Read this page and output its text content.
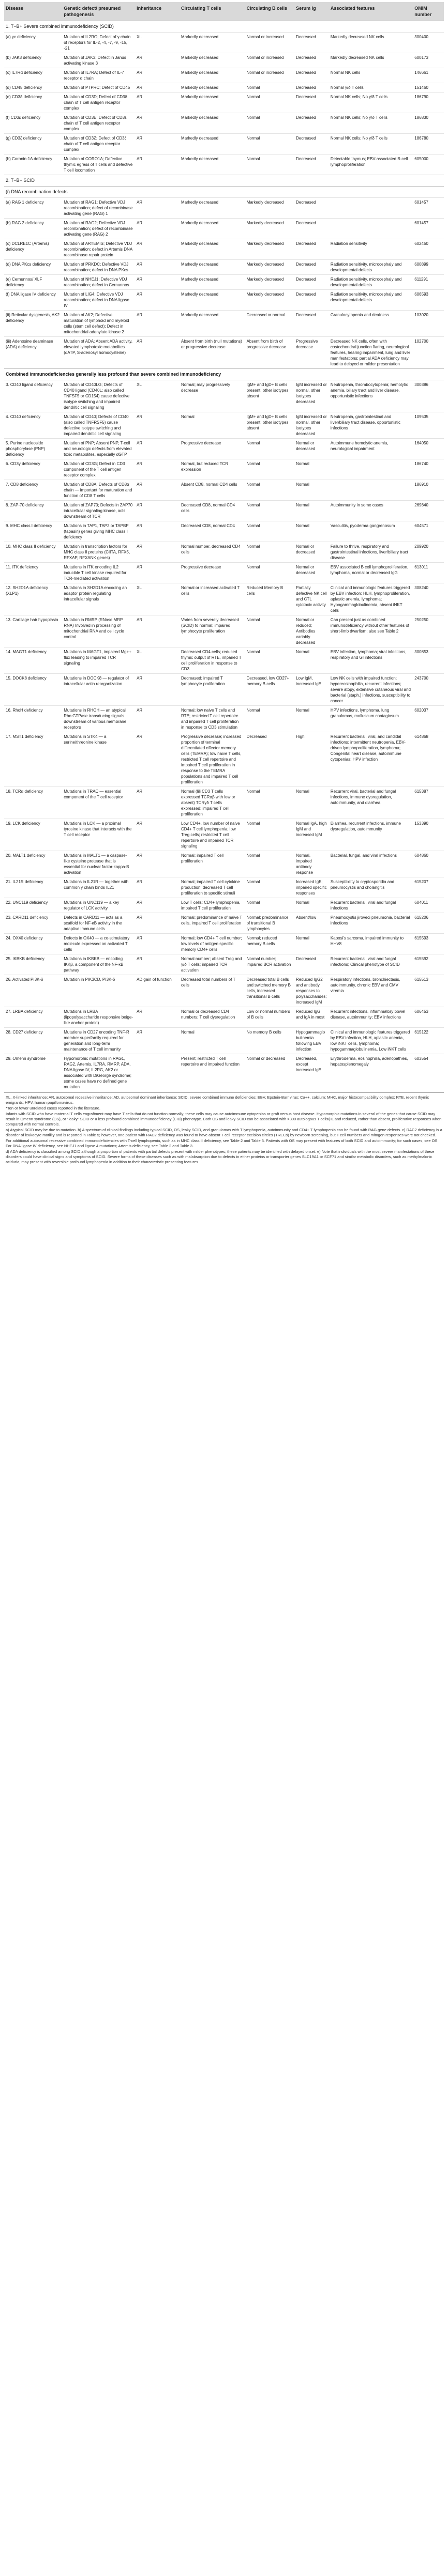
Disease	Genetic defect/ presumed pathogenesis	Inheritance	Circulating T cells	Circulating B cells	Serum Ig	Associated features	OMIM number
1. T−B+ Severe combined immunodeficiency (SCID)							
(a) γc deficiency	Mutation of IL2RG; Defect of γ chain of receptors for IL-2, -4, -7, -9, -15, -21	XL	Markedly decreased	Normal or increased	Decreased	Markedly decreased NK cells	300400
(b) JAK3 deficiency	Mutation of JAK3; Defect in Janus activating kinase 3	AR	Markedly decreased	Normal or increased	Decreased	Markedly decreased NK cells	600173
(c) IL7Rα deficiency	Mutation of IL7RA; Defect of IL-7 receptor α chain	AR	Markedly decreased	Normal or increased	Decreased	Normal NK cells	146661
(d) CD45 deficiency	Mutation of PTPRC; Defect of CD45	AR	Markedly decreased	Normal	Decreased	Normal γ/δ T cells	151460
(e) CD3δ deficiency	Mutation of CD3D; Defect of CD3δ chain of T cell antigen receptor complex	AR	Markedly decreased	Normal	Decreased	Normal NK cells; No γ/δ T cells	186790
(f) CD3ε deficiency	Mutation of CD3E; Defect of CD3ε chain of T cell antigen receptor complex	AR	Markedly decreased	Normal	Decreased	Normal NK cells; No γ/δ T cells	186830
(g) CD3ζ deficiency	Mutation of CD3Z; Defect of CD3ζ chain of T cell antigen receptor complex	AR	Markedly decreased	Normal	Decreased	Normal NK cells; No γ/δ T cells	186780
(h) Coronin-1A deficiency	Mutation of CORO1A; Defective thymic egress of T cells and defective T cell locomotion	AR	Markedly decreased	Normal	Decreased	Detectable thymus; EBV-associated B-cell lymphoproliferation	605000
2. T−B− SCID							
(i) DNA recombination defects							
(a) RAG 1 deficiency	Mutation of RAG1; Defective VDJ recombination; defect of recombinase activating gene (RAG) 1	AR	Markedly decreased	Markedly decreased	Decreased		601457
(b) RAG 2 deficiency	Mutation of RAG2; Defective VDJ recombination; defect of recombinase activating gene (RAG) 2	AR	Markedly decreased	Markedly decreased	Decreased		601457
(c) DCLRE1C (Artemis) deficiency	Mutation of ARTEMIS; Defective VDJ recombination; defect in Artemis DNA recombinase-repair protein	AR	Markedly decreased	Markedly decreased	Decreased	Radiation sensitivity	602450
(d) DNA PKcs deficiency	Mutation of PRKDC; Defective VDJ recombination; defect in DNA PKcs	AR	Markedly decreased	Markedly decreased	Decreased	Radiation sensitivity, microcephaly and developmental defects	600899
(e) Cernunnos/ XLF deficiency	Mutation of NHEJ1; Defective VDJ recombination; defect in Cernunnos	AR	Markedly decreased	Markedly decreased	Decreased	Radiation sensitivity, microcephaly and developmental defects	611291
(f) DNA ligase IV deficiency	Mutation of LIG4; Defective VDJ recombination; defect in DNA ligase IV	AR	Markedly decreased	Markedly decreased	Decreased	Radiation sensitivity, microcephaly and developmental defects	606593
(ii) Reticular dysgenesis, AK2 deficiency	Mutation of AK2; Defective maturation of lymphoid and myeloid cells (stem cell defect); Defect in mitochondrial adenylate kinase 2	AR	Markedly decreased	Decreased or normal	Decreased	Granulocytopenia and deafness	103020
(iii) Adenosine deaminase (ADA) deficiency	Mutation of ADA; Absent ADA activity, elevated lymphotoxic metabolites (dATP, S-adenosyl homocysteine)	AR	Absent from birth (null mutations) or progressive decrease	Absent from birth of progressive decrease	Progressive decrease	Decreased NK cells, often with costochondral junction flaring, neurological features, hearing impairment, lung and liver manifestations; partial ADA deficiency may lead to delayed or milder presentation	102700
Combined immunodeficiencies generally less profound than severe combined immunodeficiency							
3. CD40 ligand deficiency	Mutation of CD40LG; Defects of CD40 ligand (CD40L; also called TNFSF5 or CD154) cause defective isotype switching and impaired dendritic cell signaling	XL	Normal; may progressively decrease	IgM+ and IgD+ B cells present, other isotypes absent	IgM increased or normal, other isotypes decreased	Neutropenia, thrombocytopenia; hemolytic anemia, biliary tract and liver disease, opportunistic infections	300386
4. CD40 deficiency	Mutation of CD40; Defects of CD40 (also called TNFRSF5) cause defective isotype switching and impaired dendritic cell signaling	AR	Normal	IgM+ and IgD+ B cells present, other isotypes absent	IgM increased or normal, other isotypes decreased	Neutropenia, gastrointestinal and liver/biliary tract disease, opportunistic infections	109535
5. Purine nucleoside phosphorylase (PNP) deficiency	Mutation of PNP; Absent PNP, T-cell and neurologic defects from elevated toxic metabolites, especially dGTP	AR	Progressive decrease	Normal	Normal or decreased	Autoimmune hemolytic anemia, neurological impairment	164050
6. CD3γ deficiency	Mutation of CD3G; Defect in CD3 component of the T cell antigen receptor complex	AR	Normal, but reduced TCR expression	Normal	Normal		186740
7. CD8 deficiency	Mutation of CD8A; Defects of CD8α chain — important for maturation and function of CD8 T cells	AR	Absent CD8, normal CD4 cells	Normal	Normal		186910
8. ZAP-70 deficiency	Mutation of ZAP70; Defects in ZAP70 intracellular signaling kinase, acts downstream of TCR	AR	Decreased CD8, normal CD4 cells	Normal	Normal	Autoimmunity in some cases	269840
9. MHC class I deficiency	Mutations in TAP1, TAP2 or TAPBP (tapasin) genes giving MHC class I deficiency	AR	Decreased CD8, normal CD4	Normal	Normal	Vasculitis, pyoderma gangrenosum	604571
10. MHC class II deficiency	Mutation in transcription factors for MHC class II proteins (CIITA, RFX5, RFXAP, RFXANK genes)	AR	Normal number, decreased CD4 cells	Normal	Normal or decreased	Failure to thrive, respiratory and gastrointestinal infections, liver/biliary tract disease	209920
11. ITK deficiency	Mutations in ITK encoding IL2 inducible T cell kinase required for TCR-mediated activation	AR	Progressive decrease	Normal	Normal or decreased	EBV associated B cell lymphoproliferation, lymphoma, normal or decreased IgG	613011
12. SH2D1A deficiency (XLP1)	Mutations in SH2D1A encoding an adaptor protein regulating intracellular signals	XL	Normal or increased activated T cells	Reduced Memory B cells	Partially defective NK cell and CTL cytotoxic activity	Clinical and immunologic features triggered by EBV infection: HLH, lymphoproliferation, aplastic anemia, lymphoma; Hypogammaglobulinemia, absent iNKT cells	308240
13. Cartilage hair hypoplasia	Mutation in RMRP (RNase MRP RNA) Involved in processing of mitochondrial RNA and cell cycle control	AR	Varies from severely decreased (SCID) to normal; impaired lymphocyte proliferation	Normal	Normal or reduced; Antibodies variably decreased	Can present just as combined immunodeficiency without other features of short-limb dwarfism; also see Table 2	250250
14. MAGT1 deficiency	Mutations in MAGT1, impaired Mg++ flux leading to impaired TCR signaling	XL	Decreased CD4 cells; reduced thymic output of RTE, impaired T cell proliferation in response to CD3	Normal	Normal	EBV infection, lymphoma; viral infections, respiratory and GI infections	300853
15. DOCK8 deficiency	Mutations in DOCK8 — regulator of intracellular actin reorganization	AR	Decreased; impaired T lymphocyte proliferation	Decreased, low CD27+ memory B cells	Low IgM, increased IgE	Low NK cells with impaired function; hypereosinophilia, recurrent infections; severe atopy, extensive cutaneous viral and bacterial (staph.) infections, susceptibility to cancer	243700
16. RhoH deficiency	Mutations in RHOH — an atypical Rho GTPase transducing signals downstream of various membrane receptors	AR	Normal; low naive T cells and RTE; restricted T cell repertoire and impaired T cell proliferation in response to CD3 stimulation	Normal	Normal	HPV infections, lymphoma, lung granulomas, molluscum contagiosum	602037
17. MST1 deficiency	Mutations in STK4 — a serine/threonine kinase	AR	Progressive decrease; increased proportion of terminal differentiated effector memory cells (TEMRA); low naive T cells, restricted T cell repertoire and impaired T cell proliferation in response to the TEMRA populations and impaired T cell proliferation	Decreased	High	Recurrent bacterial, viral, and candidal infections; intermittent neutropenia, EBV-driven lymphoproliferation, lymphoma; Congenital heart disease, autoimmune cytopenias; HPV infection	614868
18. TCRα deficiency	Mutations in TRAC — essential component of the T cell receptor	AR	Normal (lili CD3 T cells expressed TCRαβ with low or absent) TCRγδ T cells expressed; impaired T cell proliferation	Normal	Normal	Recurrent viral, bacterial and fungal infections, immune dysregulation, autoimmunity, and diarrhea	615387
19. LCK deficiency	Mutations in LCK — a proximal tyrosine kinase that interacts with the T cell receptor	AR	Low CD4+, low number of naive CD4+ T cell lymphopenia; low Treg cells; restricted T cell repertoire and impaired TCR signaling	Normal	Normal IgA, high IgM and increased IgM	Diarrhea, recurrent infections, immune dysregulation, autoimmunity	153390
20. MALT1 deficiency	Mutations in MALT1 — a caspase-like cysteine protease that is essential for nuclear factor-kappa-B activation	AR	Normal; impaired T cell proliferation	Normal	Normal, impaired antibody response	Bacterial, fungal, and viral infections	604860
21. IL21R deficiency	Mutations in IL21R — together with common γ chain binds IL21	AR	Normal; impaired T cell cytokine production; decreased T cell proliferation to specific stimuli	Normal	Increased IgE; impaired specific responses	Susceptibility to cryptosporidia and pneumocystis and cholangitis	615207
22. UNC119 deficiency	Mutations in UNC119 — a key regulator of LCK activity	AR	Low T cells: CD4+ lymphopenia, impaired T cell proliferation	Normal	Normal	Recurrent bacterial, viral and fungal infections	604011
23. CARD11 deficiency	Defects in CARD11 — acts as a scaffold for NF-κB activity in the adaptive immune cells	AR	Normal; predominance of naive T cells, impaired T cell proliferation	Normal; predominance of transitional B lymphocytes	Absent/low	Pneumocystis jiroveci pneumonia, bacterial infections	615206
24. OX40 deficiency	Defects in OX40 — a co-stimulatory molecule expressed on activated T cells	AR	Normal; low CD4+ T cell number; low levels of antigen specific memory CD4+ cells	Normal; reduced memory B cells	Normal	Kaposi's sarcoma, impaired immunity to HHV8	615593
25. IKBKB deficiency	Mutations in IKBKB — encoding IKKβ, a component of the NF-κB pathway	AR	Normal number; absent Treg and γ/δ T cells; impaired TCR activation	Normal number; impaired BCR activation	Decreased	Recurrent bacterial, viral and fungal infections; Clinical phenotype of SCID	615592
26. Activated PI3K-δ	Mutation in PIK3CD, PI3K-δ	AD gain of function	Decreased total numbers of T cells	Decreased total B cells and switched memory B cells, increased transitional B cells	Reduced IgG2 and antibody responses to polysaccharides; increased IgM	Respiratory infections, bronchiectasis, autoimmunity, chronic EBV and CMV viremia	615513
27. LRBA deficiency	Mutations in LRBA (lipopolysaccharide responsive beige-like anchor protein)	AR	Normal or decreased CD4 numbers; T cell dysregulation	Low or normal numbers of B cells	Reduced IgG and IgA in most	Recurrent infections, inflammatory bowel disease, autoimmunity; EBV infections	606453
28. CD27 deficiency	Mutations in CD27 encoding TNF-R member superfamily required for generation and long-term maintenance of T cell immunity	AR	Normal	No memory B cells	Hypogammaglobulinemia following EBV infection	Clinical and immunologic features triggered by EBV infection, HLH, aplastic anemia, low iNKT cells, lymphoma; hypogammaglobulinemia, Low iNKT cells	615122
29. Omenn syndrome	Hypomorphic mutations in RAG1, RAG2, Artemis, IL7RA, RMRP, ADA, DNA ligase IV, IL2RG, AK2 or associated with DiGeorge syndrome; some cases have no defined gene mutation		Present; restricted T cell repertoire and impaired function	Normal or decreased	Decreased, except increased IgE	Erythroderma, eosinophilia, adenopathies, hepatosplenomegaly	603554

XL, X-linked inheritance; AR, autosomal recessive inheritance; AD, autosomal dominant inheritance; SCID, severe combined immune deficiencies; EBV, Epstein-Barr virus; Ca++, calcium; MHC, major histocompatibility complex; RTE, recent thymic emigrants; HPV, human papillomavirus.

*Ten or fewer unrelated cases reported in the literature.

Infants with SCID who have maternal T cells engraftment may have T cells that do not function normally; these cells may cause autoimmune cytopenias or graft versus host disease. Hypomorphic mutations in several of the genes that cause SCID may result in Omenn syndrome (OS), or "leaky" SCID or a less profound combined immunodeficiency (CID) phenotype. Both OS and leaky SCID can be associated with >300 autologous T cells/μL and reduced, rather than absent, proliferative responses when compared with normal controls.

a) Atypical SCID may be due to mutation. b) A spectrum of clinical findings including typical SCID, OS, leaky SCID, and granulomas with T lymphopenia, autoimmunity and CD4+ T lymphopenia can be found with RAG gene defects. c) RAC2 deficiency is a disorder of leukocyte motility and is reported in Table 5; however, one patient with RAC2 deficiency was found to have absent T cell receptor excision circles (TRECs) by newborn screening, but T cell numbers and mitogen responses were not checked.

For additional autosomal recessive combined immunodeficiencies with T-cell lymphopenia, such as in MHC class II deficiency, see Table 2 and Table 3. Patients with OS may present with features of both SCID and autoimmunity; for such cases, see OS. For DNA ligase IV deficiency, see NHEJ1 and ligase 4 mutations; Artemis deficiency, see Table 2 and Table 3.

d) ADA deficiency is classified among SCID although a proportion of patients with partial defects present with milder phenotypes; these patients may be identified with delayed onset. e) Note that individuals with the most severe manifestations of these disorders could have clinical signs and symptoms of SCID. Severe forms of these diseases such as with malabsorption due to defects in either proteins or transporter genes SLC19A1 or SCF71 and similar metabolic disorders, such as methylmalonic aciduria, may present with reversible profound lymphopenia in addition to their characteristic presenting features.
